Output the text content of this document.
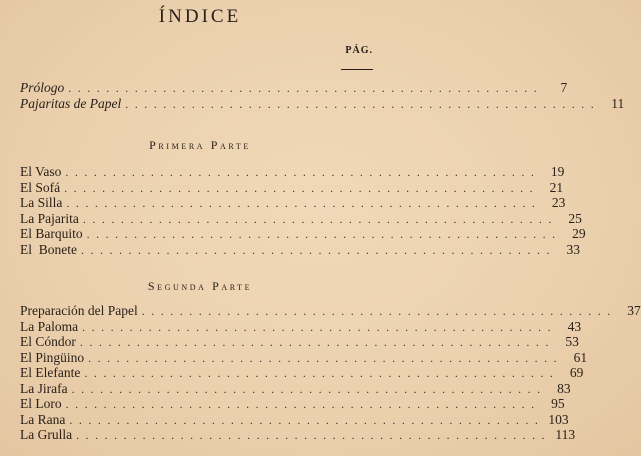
ÍNDICE
PÁG.
Prólogo ..................................................	7
Pajaritas de Papel .................................................. 11
Primera Parte
El Vaso .................................................. 19
El Sofá .................................................. 21
La Silla .................................................. 23
La Pajarita .................................................. 25
El Barquito .................................................. 29
El  Bonete .................................................. 33
Segunda Parte
Preparación del Papel .................................................. 37
La Paloma .................................................. 43
El Cóndor .................................................. 53
El Pingüino .................................................. 61
El Elefante .................................................. 69
La Jirafa .................................................. 83
El Loro .................................................. 95
La Rana .................................................. 103
La Grulla .................................................. 113
